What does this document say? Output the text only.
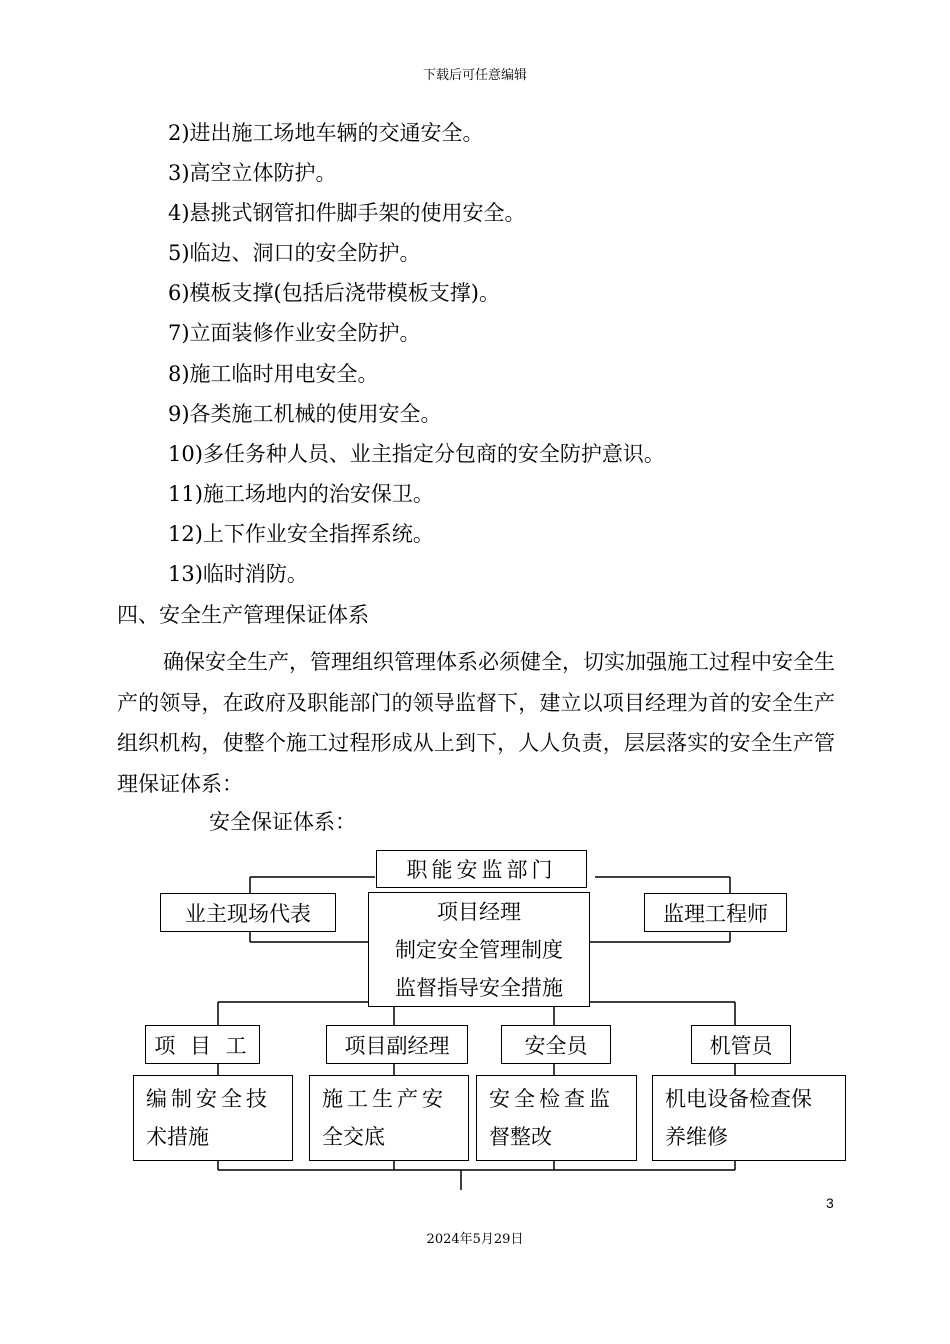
下载后可任意编辑
2)进出施工场地车辆的交通安全。
3)高空立体防护。
4)悬挑式钢管扣件脚手架的使用安全。
5)临边、洞口的安全防护。
6)模板支撑(包括后浇带模板支撑)。
7)立面装修作业安全防护。
8)施工临时用电安全。
9)各类施工机械的使用安全。
10)多任务种人员、业主指定分包商的安全防护意识。
11)施工场地内的治安保卫。
12)上下作业安全指挥系统。
13)临时消防。
四、安全生产管理保证体系
确保安全生产，管理组织管理体系必须健全，切实加强施工过程中安全生产的领导，在政府及职能部门的领导监督下，建立以项目经理为首的安全生产组织机构，使整个施工过程形成从上到下，人人负责，层层落实的安全生产管理保证体系：
安全保证体系：
职能安监部门
业主现场代表	监理工程师
项目经理
制定安全管理制度
监督指导安全措施
项 目 工	项目副经理	安全员	机管员
编制安全技
术措施
施工生产安
全交底
安全检查监
督整改
机电设备检查保
养维修
3
2024年5月29日
